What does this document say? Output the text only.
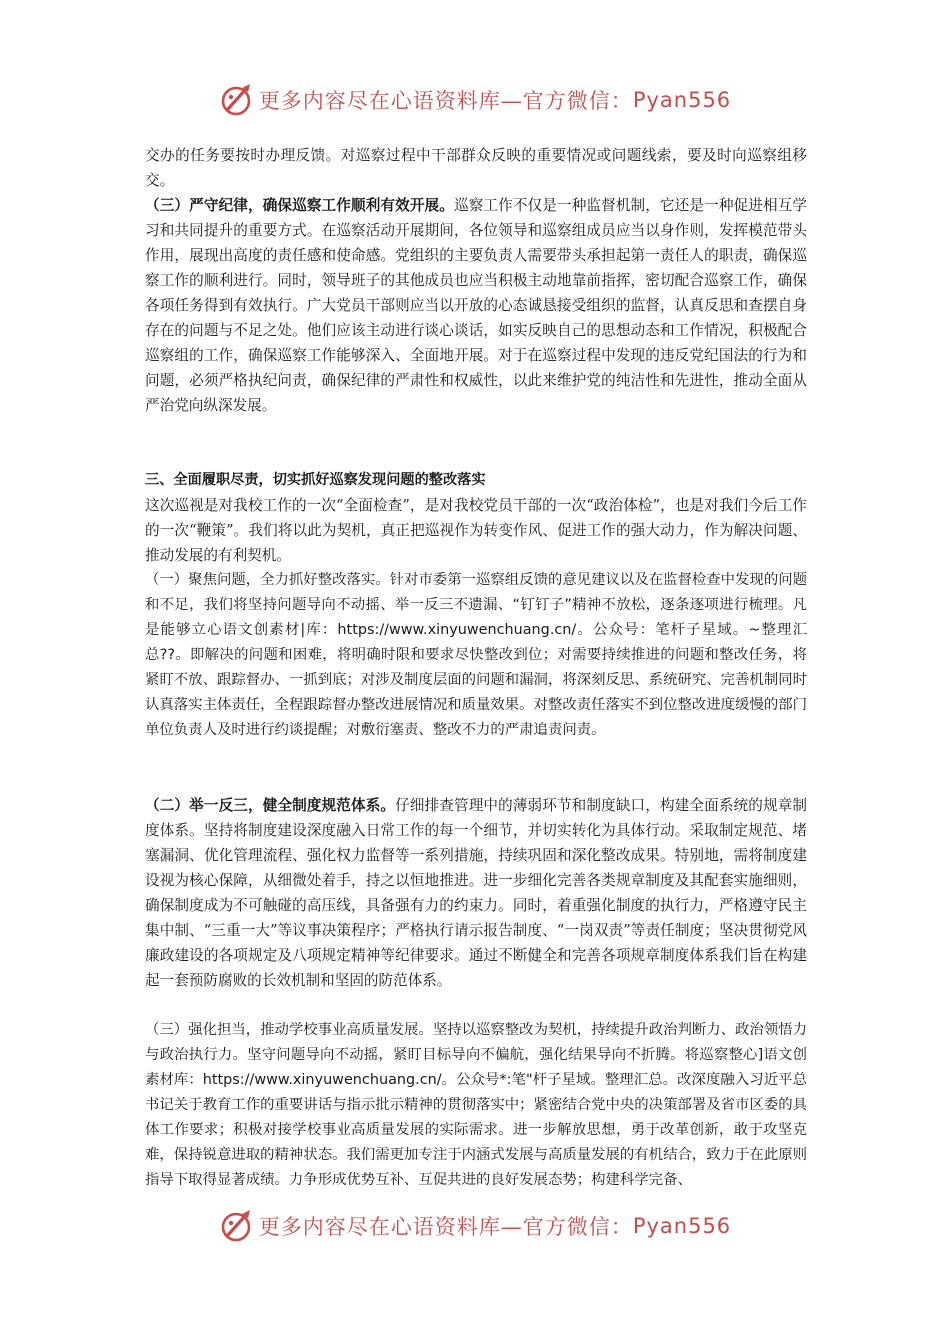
更多内容尽在心语资料库—官方微信： Pyan556

交办的任务要按时办理反馈。对巡察过程中干部群众反映的重要情况或问题线索，要及时向巡察组移交。

（三）严守纪律，确保巡察工作顺利有效开展。巡察工作不仅是一种监督机制，它还是一种促进相互学习和共同提升的重要方式。在巡察活动开展期间，各位领导和巡察组成员应当以身作则，发挥模范带头作用，展现出高度的责任感和使命感。党组织的主要负责人需要带头承担起第一责任人的职责，确保巡察工作的顺利进行。同时，领导班子的其他成员也应当积极主动地靠前指挥，密切配合巡察工作，确保各项任务得到有效执行。广大党员干部则应当以开放的心态诚恳接受组织的监督，认真反思和查摆自身存在的问题与不足之处。他们应该主动进行谈心谈话，如实反映自己的思想动态和工作情况，积极配合巡察组的工作，确保巡察工作能够深入、全面地开展。对于在巡察过程中发现的违反党纪国法的行为和问题，必须严格执纪问责，确保纪律的严肃性和权威性，以此来维护党的纯洁性和先进性，推动全面从严治党向纵深发展。

三、全面履职尽责，切实抓好巡察发现问题的整改落实

这次巡视是对我校工作的一次“全面检查”，是对我校党员干部的一次“政治体检”，也是对我们今后工作的一次“鞭策”。我们将以此为契机，真正把巡视作为转变作风、促进工作的强大动力，作为解决问题、推动发展的有利契机。

（一）聚焦问题，全力抓好整改落实。针对市委第一巡察组反馈的意见建议以及在监督检查中发现的问题和不足，我们将坚持问题导向不动摇、举一反三不遗漏、“钉钉子”精神不放松，逐条逐项进行梳理。凡是能够立心语文创素材|库：https://www.xinyuwenchuang.cn/。公众号：笔杆子星域。~整理汇总??。即解决的问题和困难，将明确时限和要求尽快整改到位；对需要持续推进的问题和整改任务，将紧盯不放、跟踪督办、一抓到底；对涉及制度层面的问题和漏洞，将深刻反思、系统研究、完善机制同时认真落实主体责任，全程跟踪督办整改进展情况和质量效果。对整改责任落实不到位整改进度缓慢的部门单位负责人及时进行约谈提醒；对敷衍塞责、整改不力的严肃追责问责。

（二）举一反三，健全制度规范体系。仔细排查管理中的薄弱环节和制度缺口，构建全面系统的规章制度体系。坚持将制度建设深度融入日常工作的每一个细节，并切实转化为具体行动。采取制定规范、堵塞漏洞、优化管理流程、强化权力监督等一系列措施，持续巩固和深化整改成果。特别地，需将制度建设视为核心保障，从细微处着手，持之以恒地推进。进一步细化完善各类规章制度及其配套实施细则，确保制度成为不可触碰的高压线，具备强有力的约束力。同时，着重强化制度的执行力，严格遵守民主集中制、“三重一大”等议事决策程序；严格执行请示报告制度、“一岗双责”等责任制度；坚决贯彻党风廉政建设的各项规定及八项规定精神等纪律要求。通过不断健全和完善各项规章制度体系我们旨在构建起一套预防腐败的长效机制和坚固的防范体系。

（三）强化担当，推动学校事业高质量发展。坚持以巡察整改为契机，持续提升政治判断力、政治领悟力与政治执行力。坚守问题导向不动摇，紧盯目标导向不偏航，强化结果导向不折腾。将巡察整心]语文创素材库：https://www.xinyuwenchuang.cn/。公众号*:笔"杆子星域。整理汇总。改深度融入习近平总书记关于教育工作的重要讲话与指示批示精神的贯彻落实中；紧密结合党中央的决策部署及省市区委的具体工作要求；积极对接学校事业高质量发展的实际需求。进一步解放思想，勇于改革创新，敢于攻坚克难，保持锐意进取的精神状态。我们需更加专注于内涵式发展与高质量发展的有机结合，致力于在此原则指导下取得显著成绩。力争形成优势互补、互促共进的良好发展态势；构建科学完备、

更多内容尽在心语资料库—官方微信： Pyan556
